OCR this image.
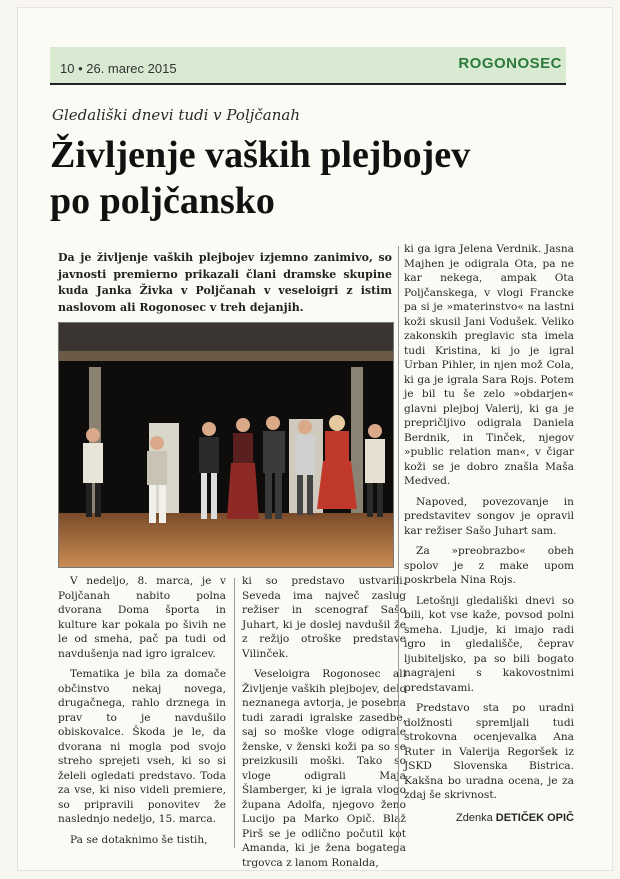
10 • 26. marec 2015	ROGONOSEC
Gledališki dnevi tudi v Poljčanah
Življenje vaških plejbojev
po poljčansko

Da je življenje vaških plejbojev izjemno zanimivo, so javnosti premierno prikazali člani dramske skupine kuda Janka Živka v Poljčanah v veseloigri z istim naslovom ali Rogonosec v treh dejanjih.

V nedeljo, 8. marca, je v Poljčanah nabito polna dvorana Doma športa in kulture kar pokala po šivih ne le od smeha, pač pa tudi od navdušenja nad igro igralcev.

Tematika je bila za domače občinstvo nekaj novega, drugačnega, rahlo drznega in prav to je navdušilo obiskovalce. Škoda je le, da dvorana ni mogla pod svojo streho sprejeti vseh, ki so si želeli ogledati predstavo. Toda za vse, ki niso videli premiere, so pripravili ponovitev že naslednjo nedeljo, 15. marca.

Pa se dotaknimo še tistih,

ki so predstavo ustvarili. Seveda ima največ zaslug režiser in scenograf Sašo Juhart, ki je doslej navdušil že z režijo otroške predstave Vilinček.

Veseloigra Rogonosec ali Življenje vaških plejbojev, delo neznanega avtorja, je posebna tudi zaradi igralske zasedbe, saj so moške vloge odigrale ženske, v ženski koži pa so se preizkusili moški. Tako so vloge odigrali Maja Šlamberger, ki je igrala vlogo župana Adolfa, njegovo ženo Lucijo pa Marko Opič. Blaž Pirš se je odlično počutil kot Amanda, ki je žena bogatega trgovca z lanom Ronalda,

ki ga igra Jelena Verdnik. Jasna Majhen je odigrala Ota, pa ne kar nekega, ampak Ota Poljčanskega, v vlogi Francke pa si je »materinstvo« na lastni koži skusil Jani Vodušek. Veliko zakonskih preglavic sta imela tudi Kristina, ki jo je igral Urban Pihler, in njen mož Cola, ki ga je igrala Sara Rojs. Potem je bil tu še zelo »obdarjen« glavni plejboj Valerij, ki ga je prepričljivo odigrala Daniela Berdnik, in Tinček, njegov »public relation man«, v čigar koži se je dobro znašla Maša Medved.

Napoved, povezovanje in predstavitev songov je opravil kar režiser Sašo Juhart sam.

Za »preobrazbo« obeh spolov je z make upom poskrbela Nina Rojs.

Letošnji gledališki dnevi so bili, kot vse kaže, povsod polni smeha. Ljudje, ki imajo radi igro in gledališče, čeprav ljubiteljsko, pa so bili bogato nagrajeni s kakovostnimi predstavami.

Predstavo sta po uradni dolžnosti spremljali tudi strokovna ocenjevalka Ana Ruter in Valerija Regoršek iz JSKD Slovenska Bistrica. Kakšna bo uradna ocena, je za zdaj še skrivnost.

Zdenka DETIČEK OPIČ
